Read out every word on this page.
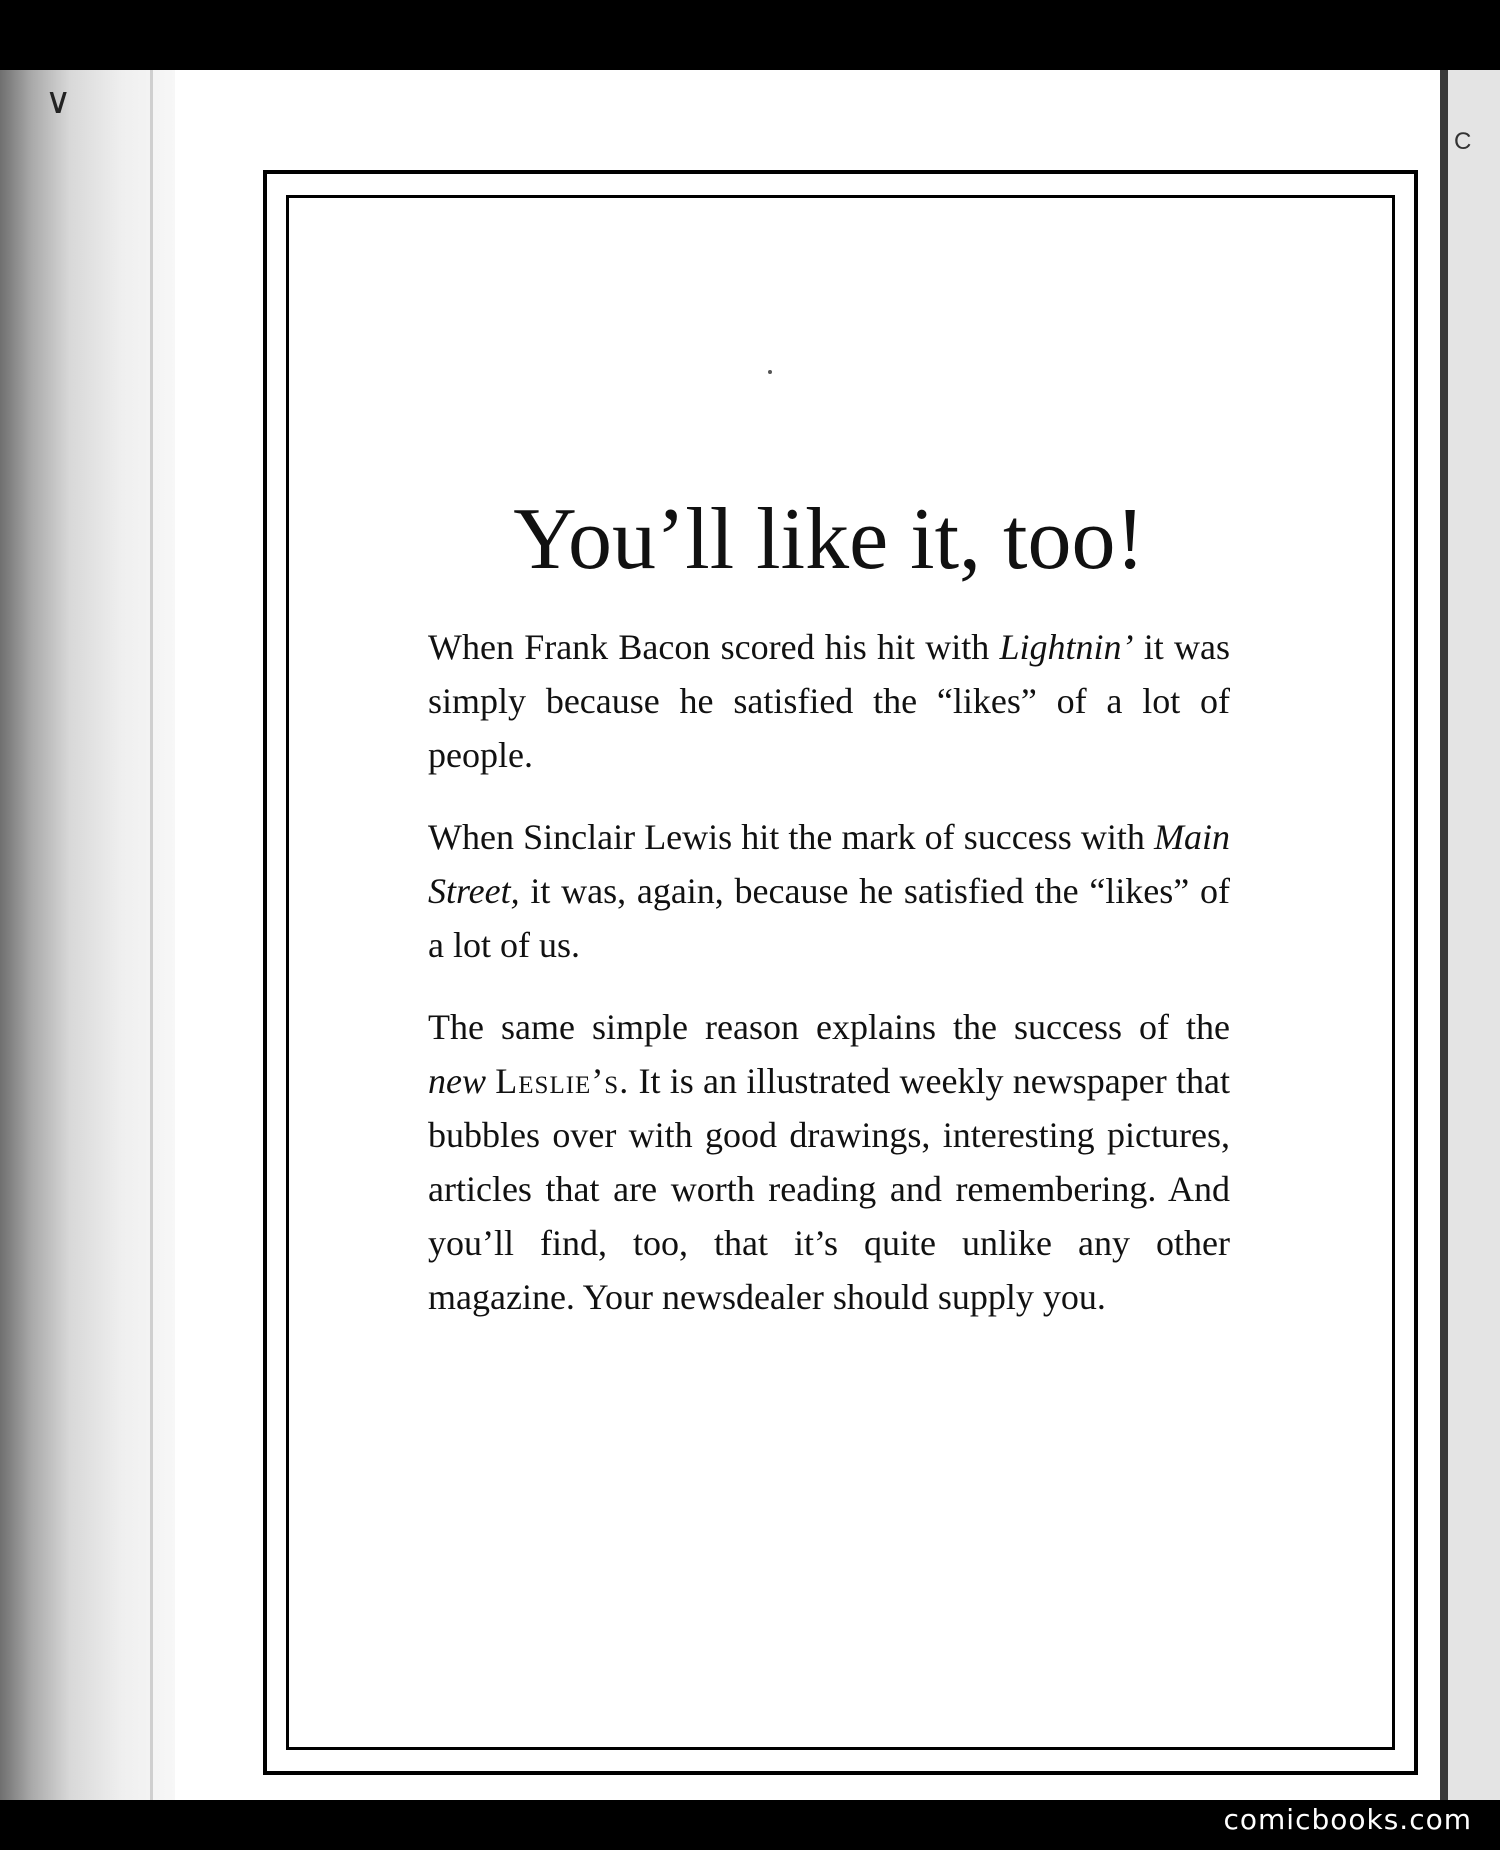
∨
C
You’ll like it, too!

When Frank Bacon scored his hit with Lightnin’ it was simply because he satisfied the “likes” of a lot of people.

When Sinclair Lewis hit the mark of success with Main Street, it was, again, because he satisfied the “likes” of a lot of us.

The same simple reason explains the success of the new Leslie’s. It is an illustrated weekly newspaper that bubbles over with good drawings, interesting pictures, articles that are worth reading and remembering. And you’ll find, too, that it’s quite unlike any other magazine. Your newsdealer should supply you.

comicbooks.com
